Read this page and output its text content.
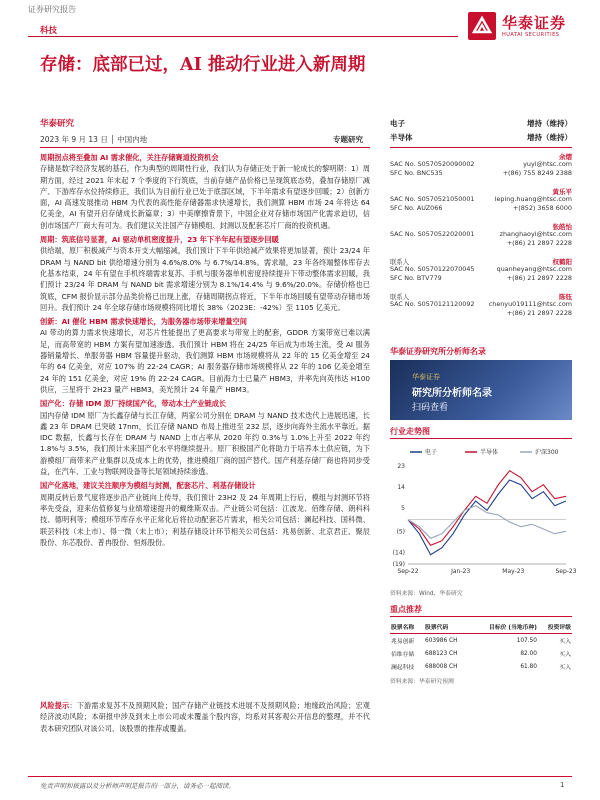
证券研究报告
科技	华泰证券
HUATAI SECURITIES
存储：底部已过，AI 推动行业进入新周期
华泰研究
2023 年 9 月 13 日 │ 中国内地	专题研究
周期拐点将至叠加 AI 需求催化，关注存储赛道投资机会
存储是数字经济发展的基石，作为典型的周期性行业，我们认为存储正处于新一轮成长的黎明期：1）周期方面，经过 2021 年末起 7 个季度的下行筑底，当前存储产品价格已呈现筑底态势，叠加存储原厂减产、下游库存水位持续修正，我们认为目前行业已处于底部区域，下半年需求有望逐步回暖；2）创新方面，AI 高速发展推动 HBM 为代表的高性能存储器需求快速增长，我们测算 HBM 市场 24 年将达 64 亿美金，AI 有望开启存储成长新篇章；3）中美摩擦背景下，中国企业对存储市场国产化需求迫切，信创市场国产厂商大有可为。我们建议关注国产存储模组、封测以及配套芯片厂商的投资机遇。
周期：筑底信号显著，AI 驱动单机密度提升，23 年下半年起有望逐步回暖
供给端，原厂积极减产与资本开支大幅缩减，我们预计下半年供给减产效果将更加显著，预计 23/24 年 DRAM 与 NAND bit 供给增速分别为 4.6%/8.0% 与 6.7%/14.8%。需求端，23 年各终端整体库存去化基本结束，24 年有望在手机终端需求复苏、手机与服务器单机密度持续提升下带动整体需求回暖，我们预计 23/24 年 DRAM 与 NAND bit 需求增速分别为 8.1%/14.4% 与 9.6%/20.0%。存储价格也已筑底，CFM 报价显示部分品类价格已出现上涨，存储周期拐点将近，下半年市场回暖有望带动存储市场回升。我们预计 24 年全球存储市场规模将同比增长 38%（2023E：-42%）至 1105 亿美元。
创新：AI 催化 HBM 需求快速增长，为服务器市场带来增量空间
AI 带动的算力需求快速增长，对芯片性能提出了更高要求与带宽上的配套，GDDR 方案带宽已难以满足，而高带宽的 HBM 方案有望加速渗透。我们预计 HBM 将在 24/25 年后成为市场主流，受 AI 服务器销量增长、单服务器 HBM 容量提升驱动，我们测算 HBM 市场规模将从 22 年的 15 亿美金增至 24 年的 64 亿美金，对应 107% 的 22-24 CAGR；AI 服务器存储市场规模将从 22 年的 106 亿美金增至 24 年的 151 亿美金，对应 19% 的 22-24 CAGR。目前海力士已量产 HBM3，并率先向英伟达 H100 供应，三星将于 2H23 量产 HBM3，美光预计 24 年量产 HBM3。
国产化：存储 IDM 原厂持续国产化，带动本土产业链成长
国内存储 IDM 原厂为长鑫存储与长江存储，两家公司分别在 DRAM 与 NAND 技术迭代上进展迅速，长鑫 23 年 DRAM 已突破 17nm，长江存储 NAND 布局上推进至 232 层，逐步向海外主流水平靠近。据 IDC 数据，长鑫与长存在 DRAM 与 NAND 上市占率从 2020 年约 0.3%与 1.0%上升至 2022 年约 1.8%与 3.5%，我们预计未来国产化水平将继续提升。原厂积极国产化将助力于培养本土供应链，为下游模组厂商带来产业集群以及成本上的优势，推进模组厂商的国产替代。国产利基存储厂商也将同步受益，在汽车、工业与物联网设备等长尾领域持续渗透。
国产化落地，建议关注顺序为模组与封测，配套芯片、利基存储设计
周期反转后景气度将逐步沿产业链向上传导，我们预计 23H2 及 24 年周期上行后，模组与封测环节将率先受益，迎来估值修复与业绩增速提升的戴维斯双击。产业链公司包括：江波龙、佰维存储、朗科科技、德明利等；模组环节库存水平正常化后将拉动配套芯片需求，相关公司包括：澜起科技、国科微、联芸科技（未上市）、得一微（未上市）；利基存储设计环节相关公司包括：兆易创新、北京君正、聚辰股份、东芯股份、普冉股份、恒烁股份。
风险提示：下游需求复苏不及预期风险；国产存储产业链技术进展不及预期风险；地缘政治风险；宏观经济波动风险；本研报中涉及到未上市公司或未覆盖个股内容，均系对其客观公开信息的整理，并不代表本研究团队对该公司、该股票的推荐或覆盖。
电子	增持（维持）
半导体	增持（维持）
余熠
SAC No. S0570520090002	yuyi@htsc.com
SFC No. BNC535	+(86) 755 8249 2388
黄乐平
SAC No. S0570521050001	leping.huang@htsc.com
SFC No. AUZ066	+(852) 3658 6000
张皓怡
SAC No. S0570522020001	zhanghaoyi@htsc.com
+(86) 21 2897 2228
联系人	权鹤阳
SAC No. S0570122070045	quanheyang@htsc.com
SFC No. BTV779	+(86) 21 2897 2228
联系人	陈钰
SAC No. S0570121120092 chenyu019111@htsc.com
+(86) 21 2897 2228
华泰证券研究所分析师名录
华泰证券
研究所分析师名录
扫码查看
行业走势图
电子	半导体	沪深300
23
14
5
(5)
(14)
(19)
Sep-22	Jan-23	May-23	Sep-23
资料来源：Wind，华泰研究
重点推荐
股票名称	股票代码	目标价 (当地币种)	投资评级
兆易创新	603986 CH	107.50	买入
佰维存储	688123 CH	82.00	买入
澜起科技	688008 CH	61.80	买入
资料来源：华泰研究预测
免责声明和披露以及分析师声明是报告的一部分，请务必一起阅读。	1
